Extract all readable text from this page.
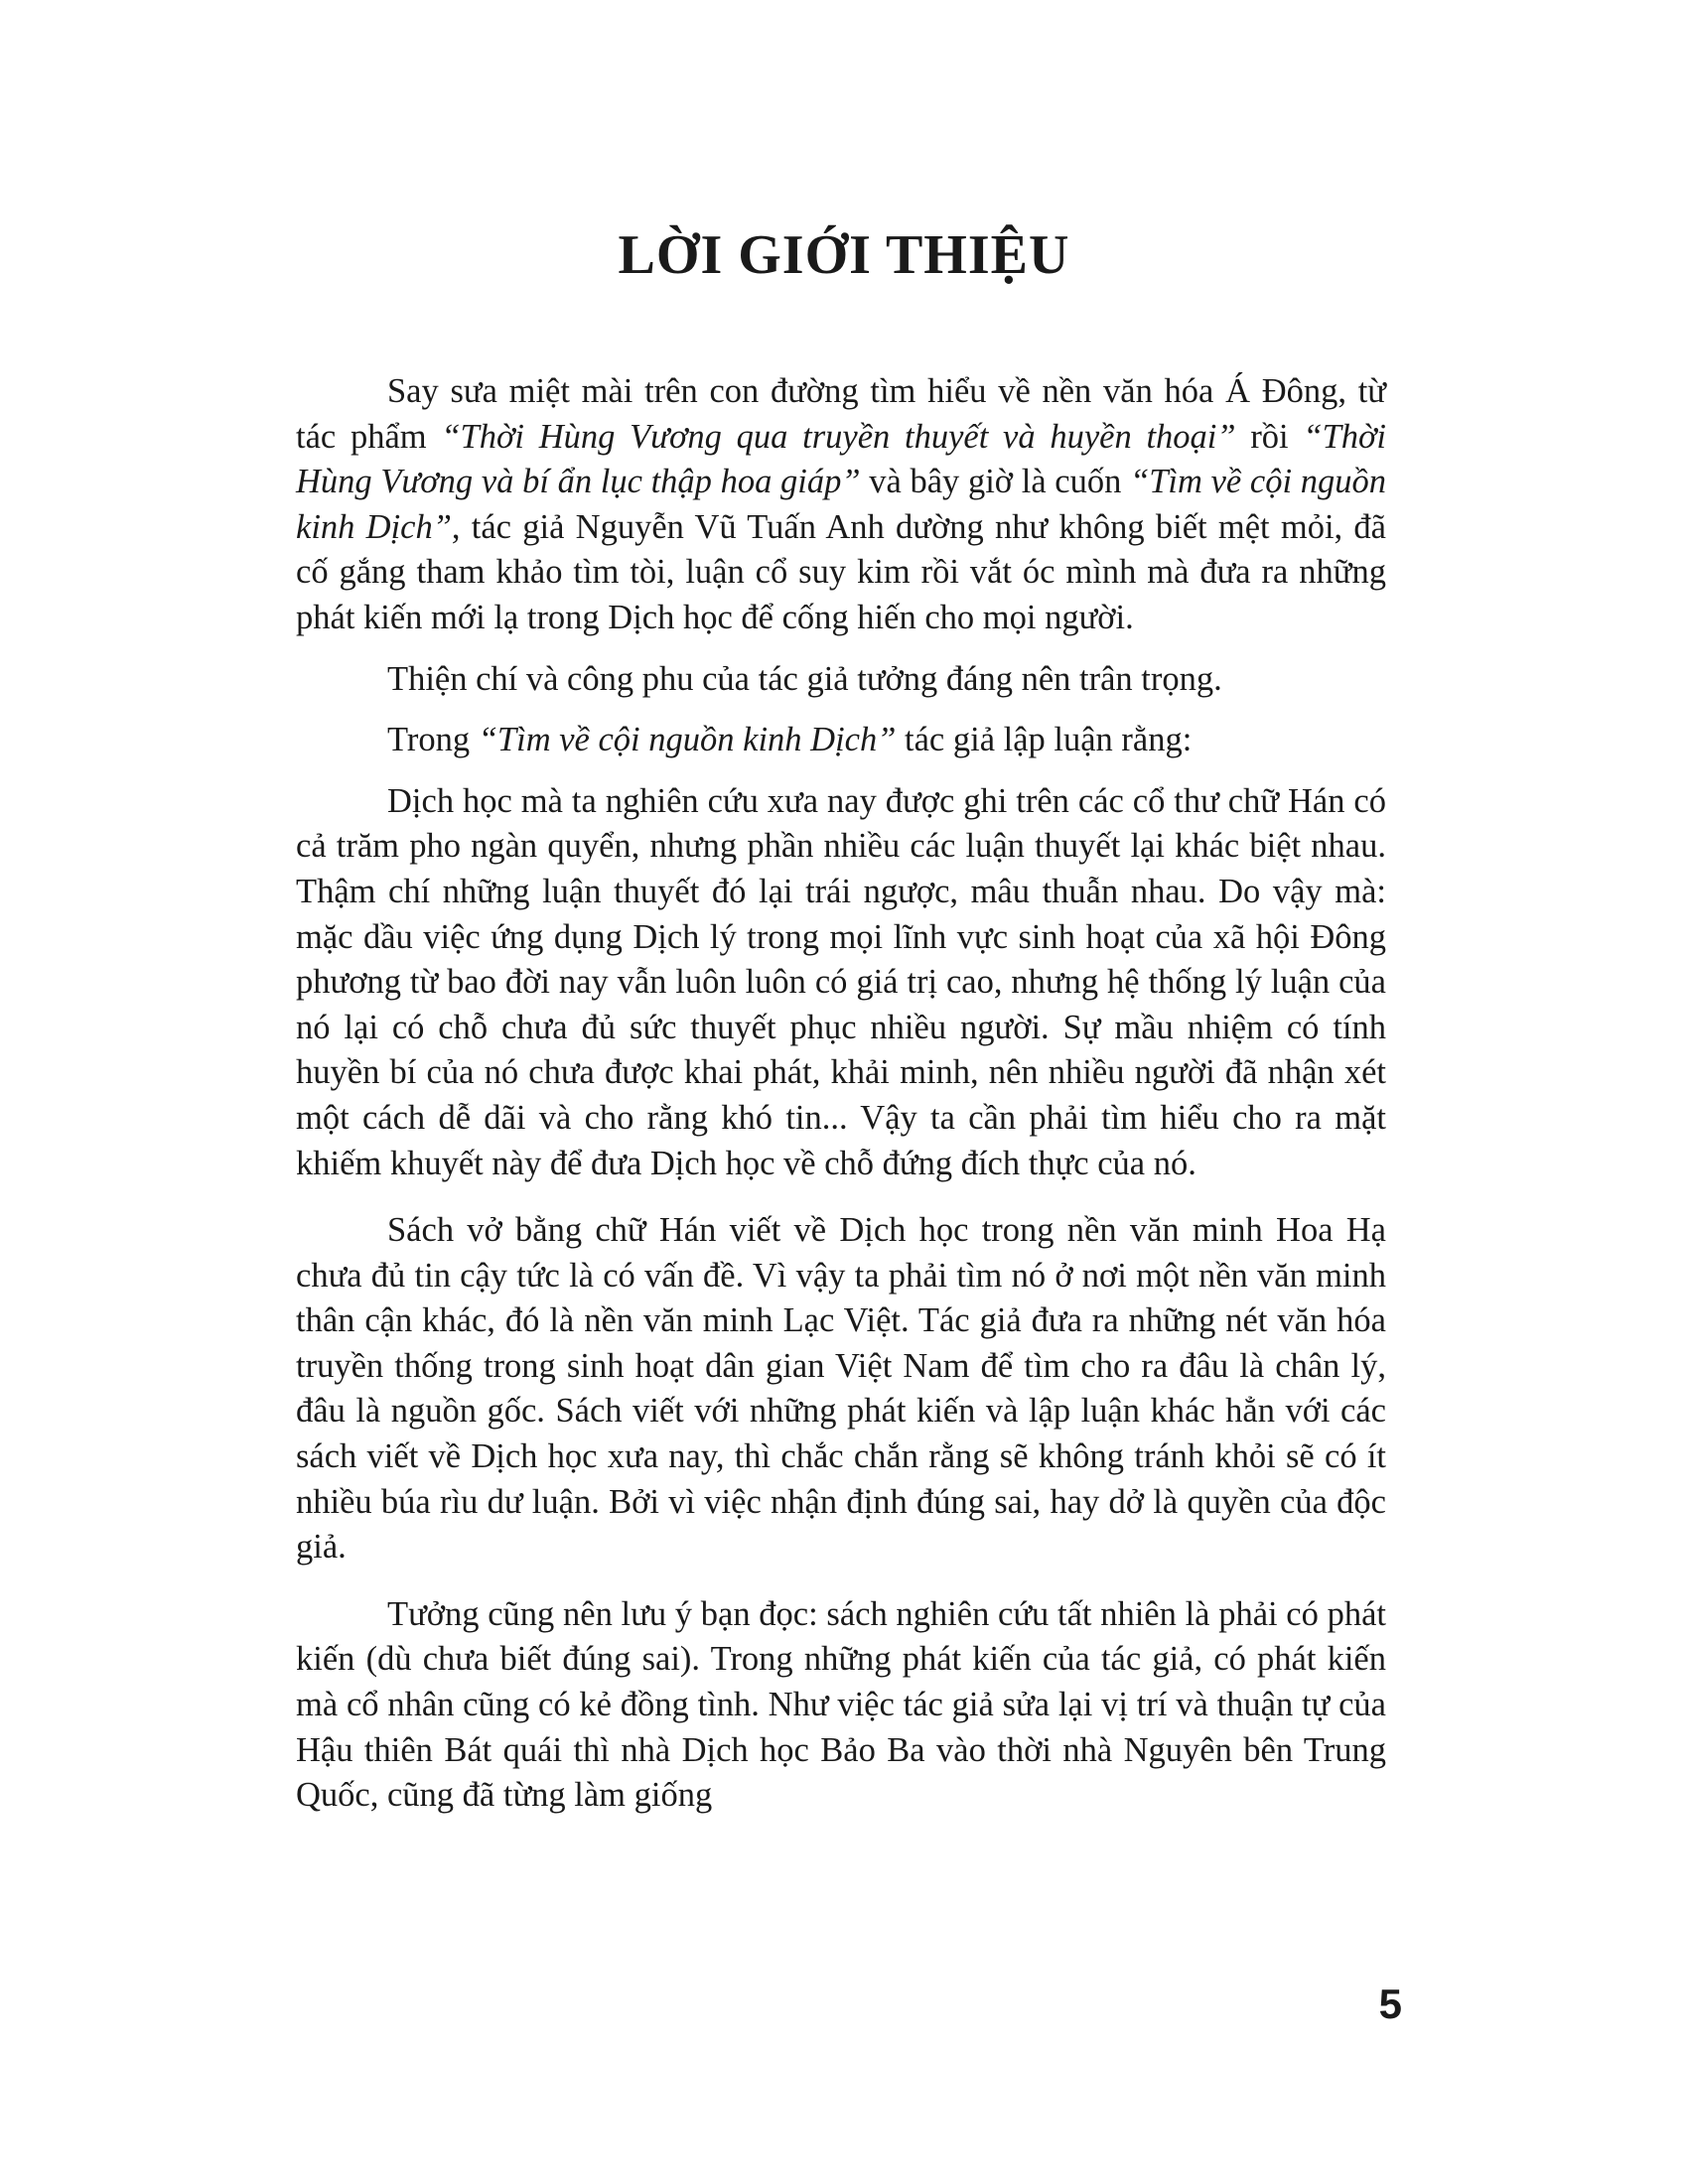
LỜI GIỚI THIỆU

Say sưa miệt mài trên con đường tìm hiểu về nền văn hóa Á Đông, từ tác phẩm “Thời Hùng Vương qua truyền thuyết và huyền thoại” rồi “Thời Hùng Vương và bí ẩn lục thập hoa giáp” và bây giờ là cuốn “Tìm về cội nguồn kinh Dịch”, tác giả Nguyễn Vũ Tuấn Anh dường như không biết mệt mỏi, đã cố gắng tham khảo tìm tòi, luận cổ suy kim rồi vắt óc mình mà đưa ra những phát kiến mới lạ trong Dịch học để cống hiến cho mọi người.

Thiện chí và công phu của tác giả tưởng đáng nên trân trọng.

Trong “Tìm về cội nguồn kinh Dịch” tác giả lập luận rằng:

Dịch học mà ta nghiên cứu xưa nay được ghi trên các cổ thư chữ Hán có cả trăm pho ngàn quyển, nhưng phần nhiều các luận thuyết lại khác biệt nhau. Thậm chí những luận thuyết đó lại trái ngược, mâu thuẫn nhau. Do vậy mà: mặc dầu việc ứng dụng Dịch lý trong mọi lĩnh vực sinh hoạt của xã hội Đông phương từ bao đời nay vẫn luôn luôn có giá trị cao, nhưng hệ thống lý luận của nó lại có chỗ chưa đủ sức thuyết phục nhiều người. Sự mầu nhiệm có tính huyền bí của nó chưa được khai phát, khải minh, nên nhiều người đã nhận xét một cách dễ dãi và cho rằng khó tin... Vậy ta cần phải tìm hiểu cho ra mặt khiếm khuyết này để đưa Dịch học về chỗ đứng đích thực của nó.

Sách vở bằng chữ Hán viết về Dịch học trong nền văn minh Hoa Hạ chưa đủ tin cậy tức là có vấn đề. Vì vậy ta phải tìm nó ở nơi một nền văn minh thân cận khác, đó là nền văn minh Lạc Việt. Tác giả đưa ra những nét văn hóa truyền thống trong sinh hoạt dân gian Việt Nam để tìm cho ra đâu là chân lý, đâu là nguồn gốc. Sách viết với những phát kiến và lập luận khác hẳn với các sách viết về Dịch học xưa nay, thì chắc chắn rằng sẽ không tránh khỏi sẽ có ít nhiều búa rìu dư luận. Bởi vì việc nhận định đúng sai, hay dở là quyền của độc giả.

Tưởng cũng nên lưu ý bạn đọc: sách nghiên cứu tất nhiên là phải có phát kiến (dù chưa biết đúng sai). Trong những phát kiến của tác giả, có phát kiến mà cổ nhân cũng có kẻ đồng tình. Như việc tác giả sửa lại vị trí và thuận tự của Hậu thiên Bát quái thì nhà Dịch học Bảo Ba vào thời nhà Nguyên bên Trung Quốc, cũng đã từng làm giống

5
